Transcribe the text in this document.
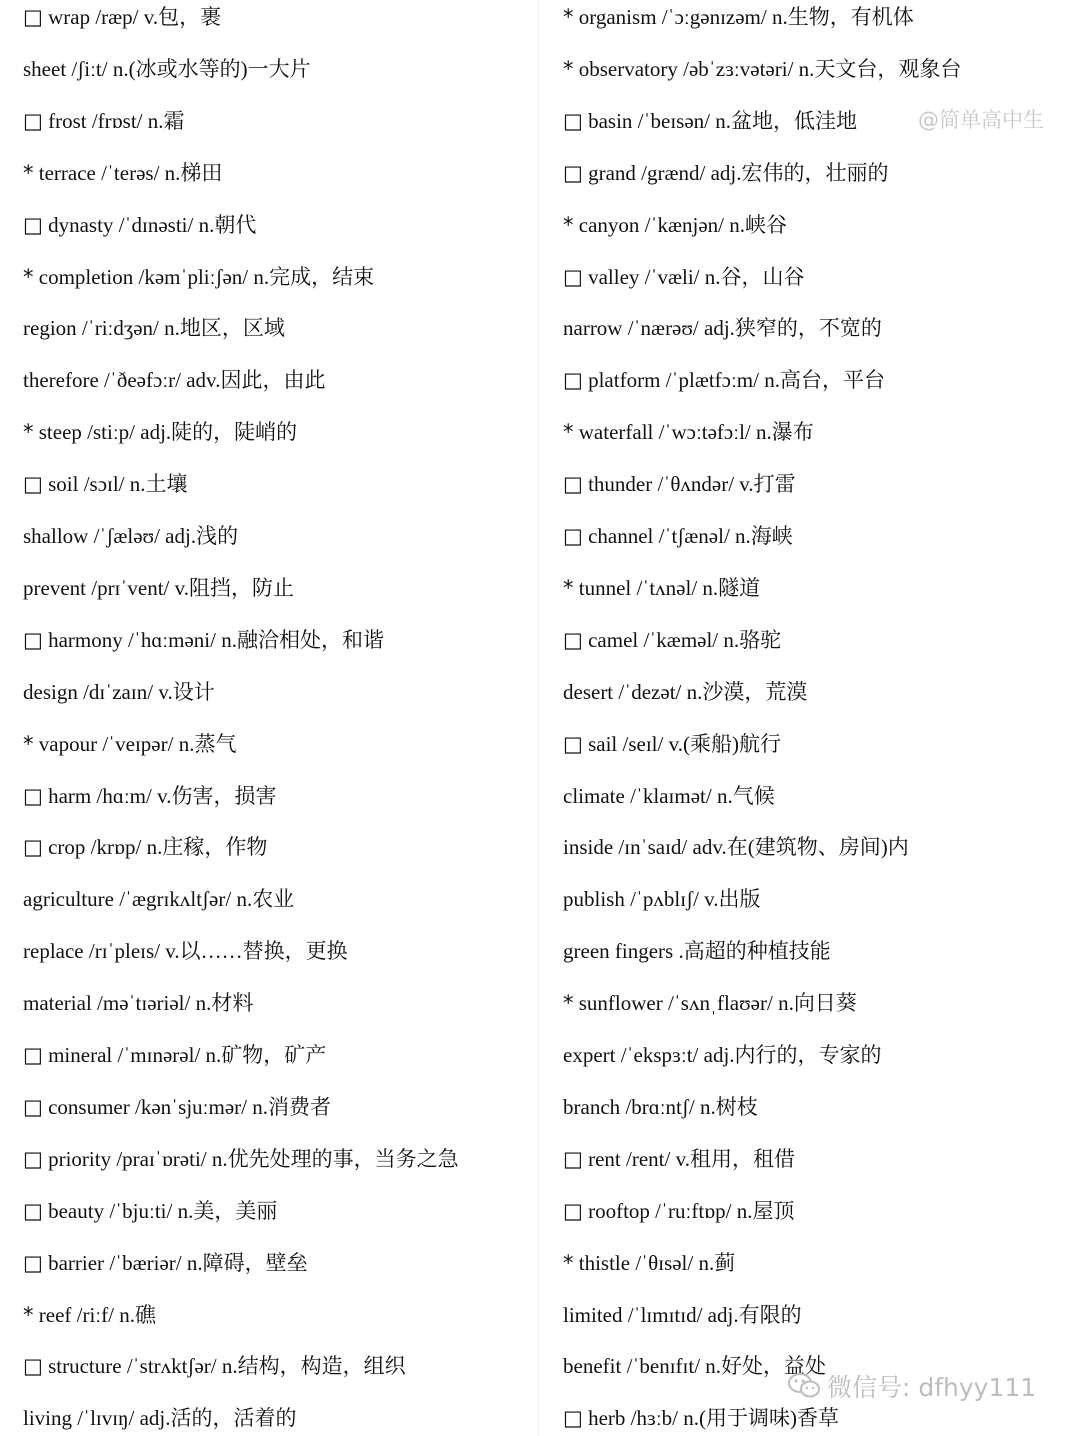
□ wrap /ræp/ v.包，裹
sheet /ʃiːt/ n.(冰或水等的)一大片
□ frost /frɒst/ n.霜
* terrace /ˈterəs/ n.梯田
□ dynasty /ˈdɪnəsti/ n.朝代
* completion /kəmˈpliːʃən/ n.完成，结束
region /ˈriːdʒən/ n.地区，区域
therefore /ˈðeəfɔːr/ adv.因此，由此
* steep /stiːp/ adj.陡的，陡峭的
□ soil /sɔɪl/ n.土壤
shallow /ˈʃæləʊ/ adj.浅的
prevent /prɪˈvent/ v.阻挡，防止
□ harmony /ˈhɑːməni/ n.融洽相处，和谐
design /dɪˈzaɪn/ v.设计
* vapour /ˈveɪpər/ n.蒸气
□ harm /hɑːm/ v.伤害，损害
□ crop /krɒp/ n.庄稼，作物
agriculture /ˈægrɪkʌltʃər/ n.农业
replace /rɪˈpleɪs/ v.以……替换，更换
material /məˈtɪəriəl/ n.材料
□ mineral /ˈmɪnərəl/ n.矿物，矿产
□ consumer /kənˈsjuːmər/ n.消费者
□ priority /praɪˈɒrəti/ n.优先处理的事，当务之急
□ beauty /ˈbjuːti/ n.美，美丽
□ barrier /ˈbæriər/ n.障碍，壁垒
* reef /riːf/ n.礁
□ structure /ˈstrʌktʃər/ n.结构，构造，组织
living /ˈlɪvɪŋ/ adj.活的，活着的
* organism /ˈɔːgənɪzəm/ n.生物，有机体
* observatory /əbˈzɜːvətəri/ n.天文台，观象台
□ basin /ˈbeɪsən/ n.盆地，低洼地
□ grand /grænd/ adj.宏伟的，壮丽的
* canyon /ˈkænjən/ n.峡谷
□ valley /ˈvæli/ n.谷，山谷
narrow /ˈnærəʊ/ adj.狭窄的，不宽的
□ platform /ˈplætfɔːm/ n.高台，平台
* waterfall /ˈwɔːtəfɔːl/ n.瀑布
□ thunder /ˈθʌndər/ v.打雷
□ channel /ˈtʃænəl/ n.海峡
* tunnel /ˈtʌnəl/ n.隧道
□ camel /ˈkæməl/ n.骆驼
desert /ˈdezət/ n.沙漠，荒漠
□ sail /seɪl/ v.(乘船)航行
climate /ˈklaɪmət/ n.气候
inside /ɪnˈsaɪd/ adv.在(建筑物、房间)内
publish /ˈpʌblɪʃ/ v.出版
green fingers .高超的种植技能
* sunflower /ˈsʌnˌflaʊər/ n.向日葵
expert /ˈekspɜːt/ adj.内行的，专家的
branch /brɑːntʃ/ n.树枝
□ rent /rent/ v.租用，租借
□ rooftop /ˈruːftɒp/ n.屋顶
* thistle /ˈθɪsəl/ n.蓟
limited /ˈlɪmɪtɪd/ adj.有限的
benefit /ˈbenɪfɪt/ n.好处，益处
□ herb /hɜːb/ n.(用于调味)香草
@简单高中生
微信号: dfhyy111
